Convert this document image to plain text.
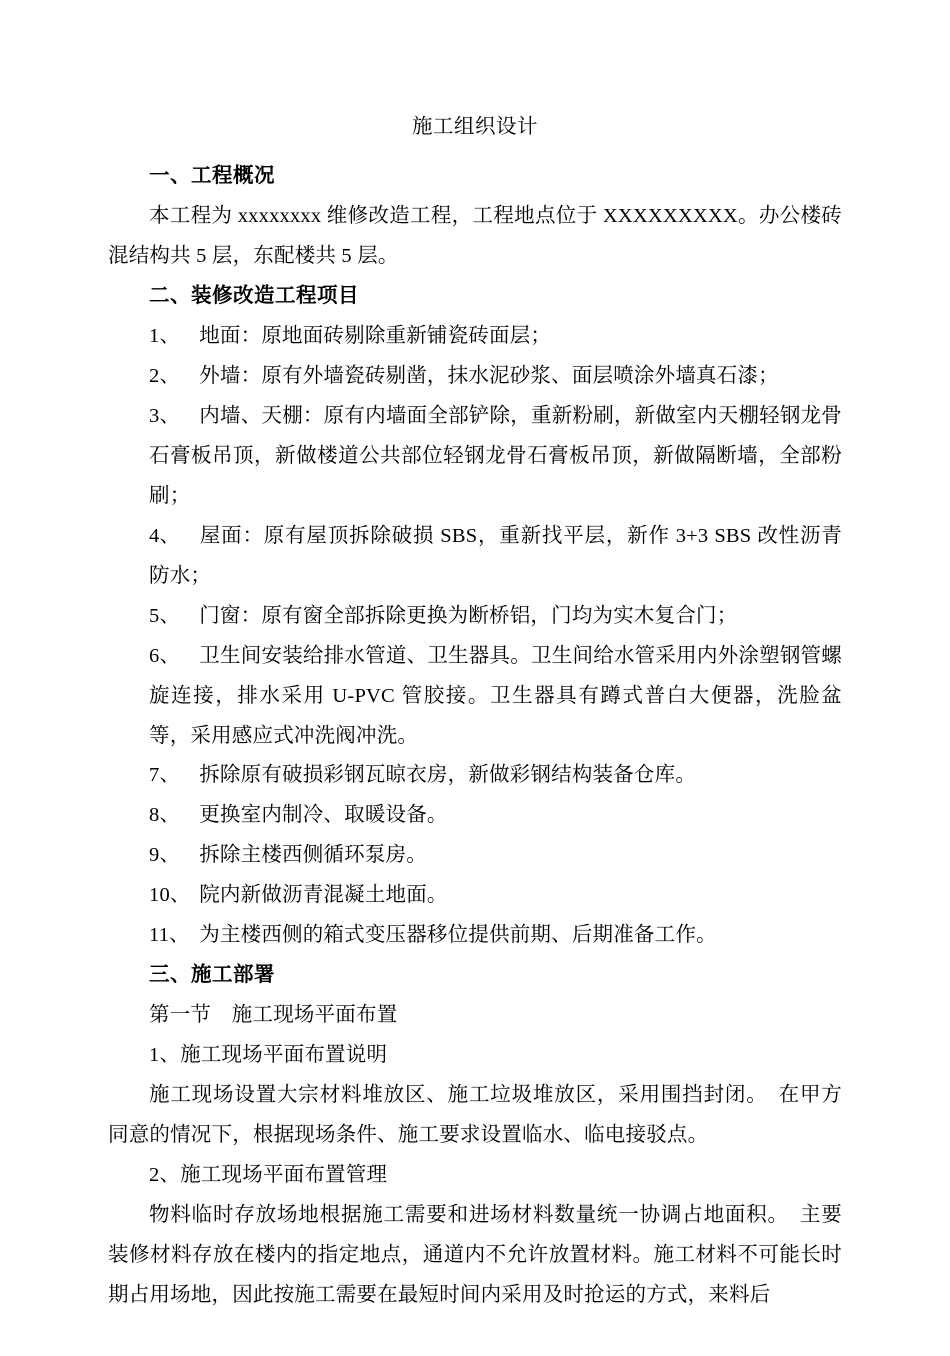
施工组织设计
一、工程概况
本工程为 xxxxxxxx 维修改造工程，工程地点位于 XXXXXXXXX。办公楼砖混结构共 5 层，东配楼共 5 层。
二、装修改造工程项目
1、 地面：原地面砖剔除重新铺瓷砖面层；
2、 外墙：原有外墙瓷砖剔凿，抹水泥砂浆、面层喷涂外墙真石漆；
3、 内墙、天棚：原有内墙面全部铲除，重新粉刷，新做室内天棚轻钢龙骨石膏板吊顶，新做楼道公共部位轻钢龙骨石膏板吊顶，新做隔断墙，全部粉刷；
4、 屋面：原有屋顶拆除破损 SBS，重新找平层，新作 3+3 SBS 改性沥青防水；
5、 门窗：原有窗全部拆除更换为断桥铝，门均为实木复合门；
6、 卫生间安装给排水管道、卫生器具。卫生间给水管采用内外涂塑钢管螺旋连接，排水采用 U-PVC 管胶接。卫生器具有蹲式普白大便器，洗脸盆等，采用感应式冲洗阀冲洗。
7、 拆除原有破损彩钢瓦晾衣房，新做彩钢结构装备仓库。
8、 更换室内制冷、取暖设备。
9、 拆除主楼西侧循环泵房。
10、 院内新做沥青混凝土地面。
11、 为主楼西侧的箱式变压器移位提供前期、后期准备工作。
三、施工部署
第一节　施工现场平面布置
1、施工现场平面布置说明
施工现场设置大宗材料堆放区、施工垃圾堆放区，采用围挡封闭。　在甲方同意的情况下，根据现场条件、施工要求设置临水、临电接驳点。
2、施工现场平面布置管理
物料临时存放场地根据施工需要和进场材料数量统一协调占地面积。　主要装修材料存放在楼内的指定地点，通道内不允许放置材料。施工材料不可能长时期占用场地，因此按施工需要在最短时间内采用及时抢运的方式，来料后
